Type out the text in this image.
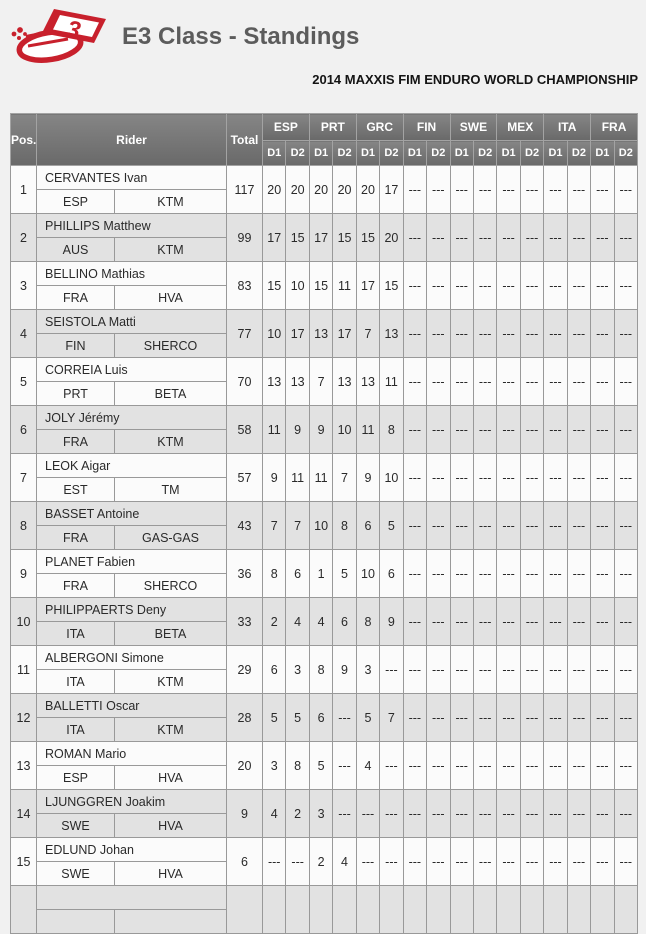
3 E3 Class - Standings
2014 MAXXIS FIM ENDURO WORLD CHAMPIONSHIP
Pos.	Rider		Total	ESP		PRT		GRC		FIN		SWE		MEX		ITA		FRA	
				D1	D2	D1	D2	D1	D2	D1	D2	D1	D2	D1	D2	D1	D2	D1	D2
1	CERVANTES Ivan		117	20	20	20	20	20	17	---	---	---	---	---	---	---	---	---	---
	ESP	KTM																	
2	PHILLIPS Matthew		99	17	15	17	15	15	20	---	---	---	---	---	---	---	---	---	---
	AUS	KTM																	
3	BELLINO Mathias		83	15	10	15	11	17	15	---	---	---	---	---	---	---	---	---	---
	FRA	HVA																	
4	SEISTOLA Matti		77	10	17	13	17	7	13	---	---	---	---	---	---	---	---	---	---
	FIN	SHERCO																	
5	CORREIA Luis		70	13	13	7	13	13	11	---	---	---	---	---	---	---	---	---	---
	PRT	BETA																	
6	JOLY Jérémy		58	11	9	9	10	11	8	---	---	---	---	---	---	---	---	---	---
	FRA	KTM																	
7	LEOK Aigar		57	9	11	11	7	9	10	---	---	---	---	---	---	---	---	---	---
	EST	TM																	
8	BASSET Antoine		43	7	7	10	8	6	5	---	---	---	---	---	---	---	---	---	---
	FRA	GAS-GAS																	
9	PLANET Fabien		36	8	6	1	5	10	6	---	---	---	---	---	---	---	---	---	---
	FRA	SHERCO																	
10	PHILIPPAERTS Deny		33	2	4	4	6	8	9	---	---	---	---	---	---	---	---	---	---
	ITA	BETA																	
11	ALBERGONI Simone		29	6	3	8	9	3	---	---	---	---	---	---	---	---	---	---	---
	ITA	KTM																	
12	BALLETTI Oscar		28	5	5	6	---	5	7	---	---	---	---	---	---	---	---	---	---
	ITA	KTM																	
13	ROMAN Mario		20	3	8	5	---	4	---	---	---	---	---	---	---	---	---	---	---
	ESP	HVA																	
14	LJUNGGREN Joakim		9	4	2	3	---	---	---	---	---	---	---	---	---	---	---	---	---
	SWE	HVA																	
15	EDLUND Johan		6	---	---	2	4	---	---	---	---	---	---	---	---	---	---	---	---
	SWE	HVA																	
